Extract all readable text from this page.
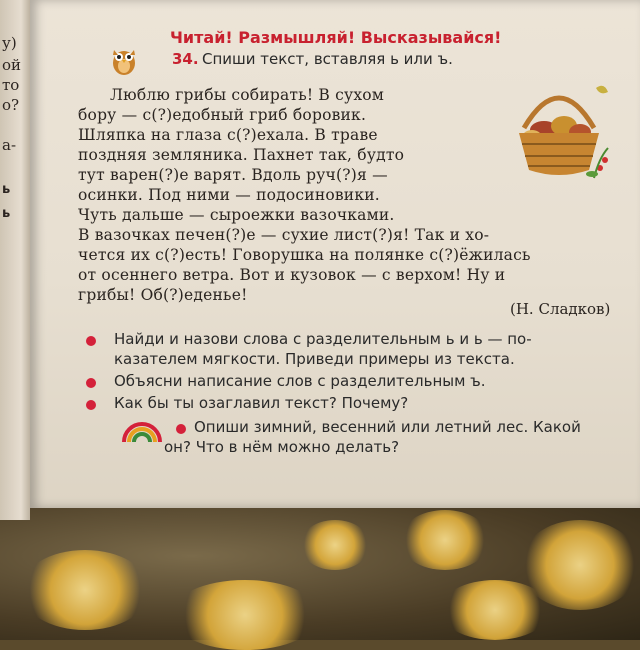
у)
ой
то
о?
а-
ь
ь
Читай! Размышляй! Высказывайся!
34. Спиши текст, вставляя ь или ъ.
Люблю грибы собирать! В сухом
бору — с(?)едобный гриб боровик.
Шляпка на глаза с(?)ехала. В траве
поздняя земляника. Пахнет так, будто
тут варен(?)е варят. Вдоль руч(?)я —
осинки. Под ними — подосиновики.
Чуть дальше — сыроежки вазочками.
В вазочках печен(?)е — сухие лист(?)я! Так и хо-
чется их с(?)есть! Говорушка на полянке с(?)ёжилась
от осеннего ветра. Вот и кузовок — с верхом! Ну и
грибы! Об(?)еденье!
(Н. Сладков)
Найди и назови слова с разделительным ь и ь — по-
казателем мягкости. Приведи примеры из текста.
Объясни написание слов с разделительным ъ.
Как бы ты озаглавил текст? Почему?
Опиши зимний, весенний или летний лес. Какой
он? Что в нём можно делать?
